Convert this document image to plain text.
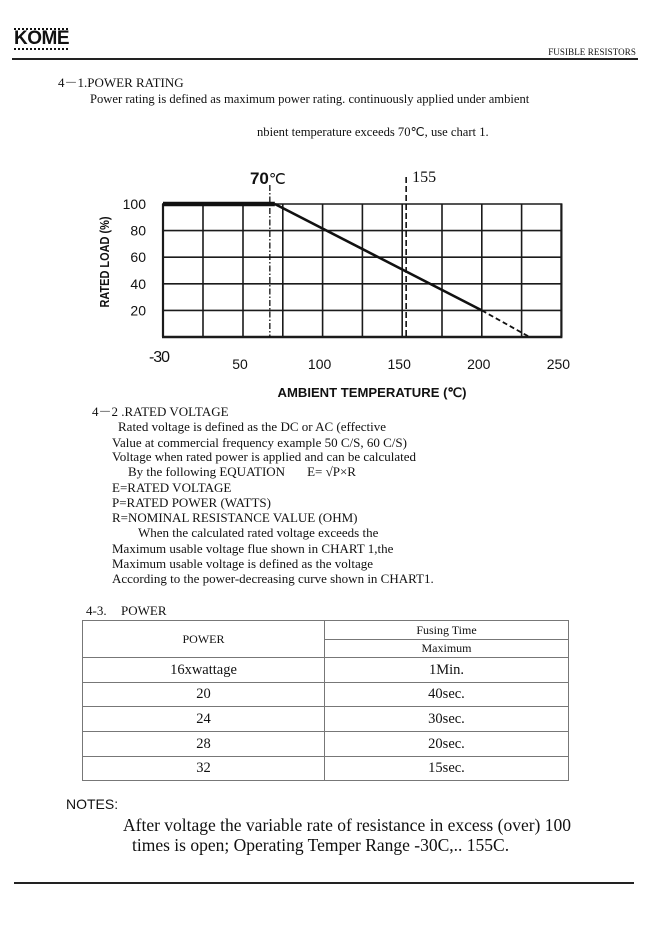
KOME
FUSIBLE RESISTORS
4－1.POWER RATING
Power rating is defined as maximum power rating. continuously applied under ambient
nbient temperature exceeds 70℃, use chart 1.
70℃	155
-30	50	100	150	200	250
20
40
60
80
100
AMBIENT TEMPERATURE (℃)
RATED LOAD (%)
4－2 .RATED VOLTAGE
Rated voltage is defined as the DC or AC (effective
Value at commercial frequency example 50 C/S, 60 C/S)
Voltage when rated power is applied and can be calculated
By the following EQUATION E= √P×R
E=RATED VOLTAGE
P=RATED POWER (WATTS)
R=NOMINAL RESISTANCE VALUE (OHM)
When the calculated rated voltage exceeds the
Maximum usable voltage flue shown in CHART 1,the
Maximum usable voltage is defined as the voltage
According to the power-decreasing curve shown in CHART1.
4-3. POWER
POWER	Fusing Time
	Maximum
16xwattage	1Min.
20	40sec.
24	30sec.
28	20sec.
32	15sec.
NOTES:
After voltage the variable rate of resistance in excess (over) 100
times is open; Operating Temper Range -30C,.. 155C.
